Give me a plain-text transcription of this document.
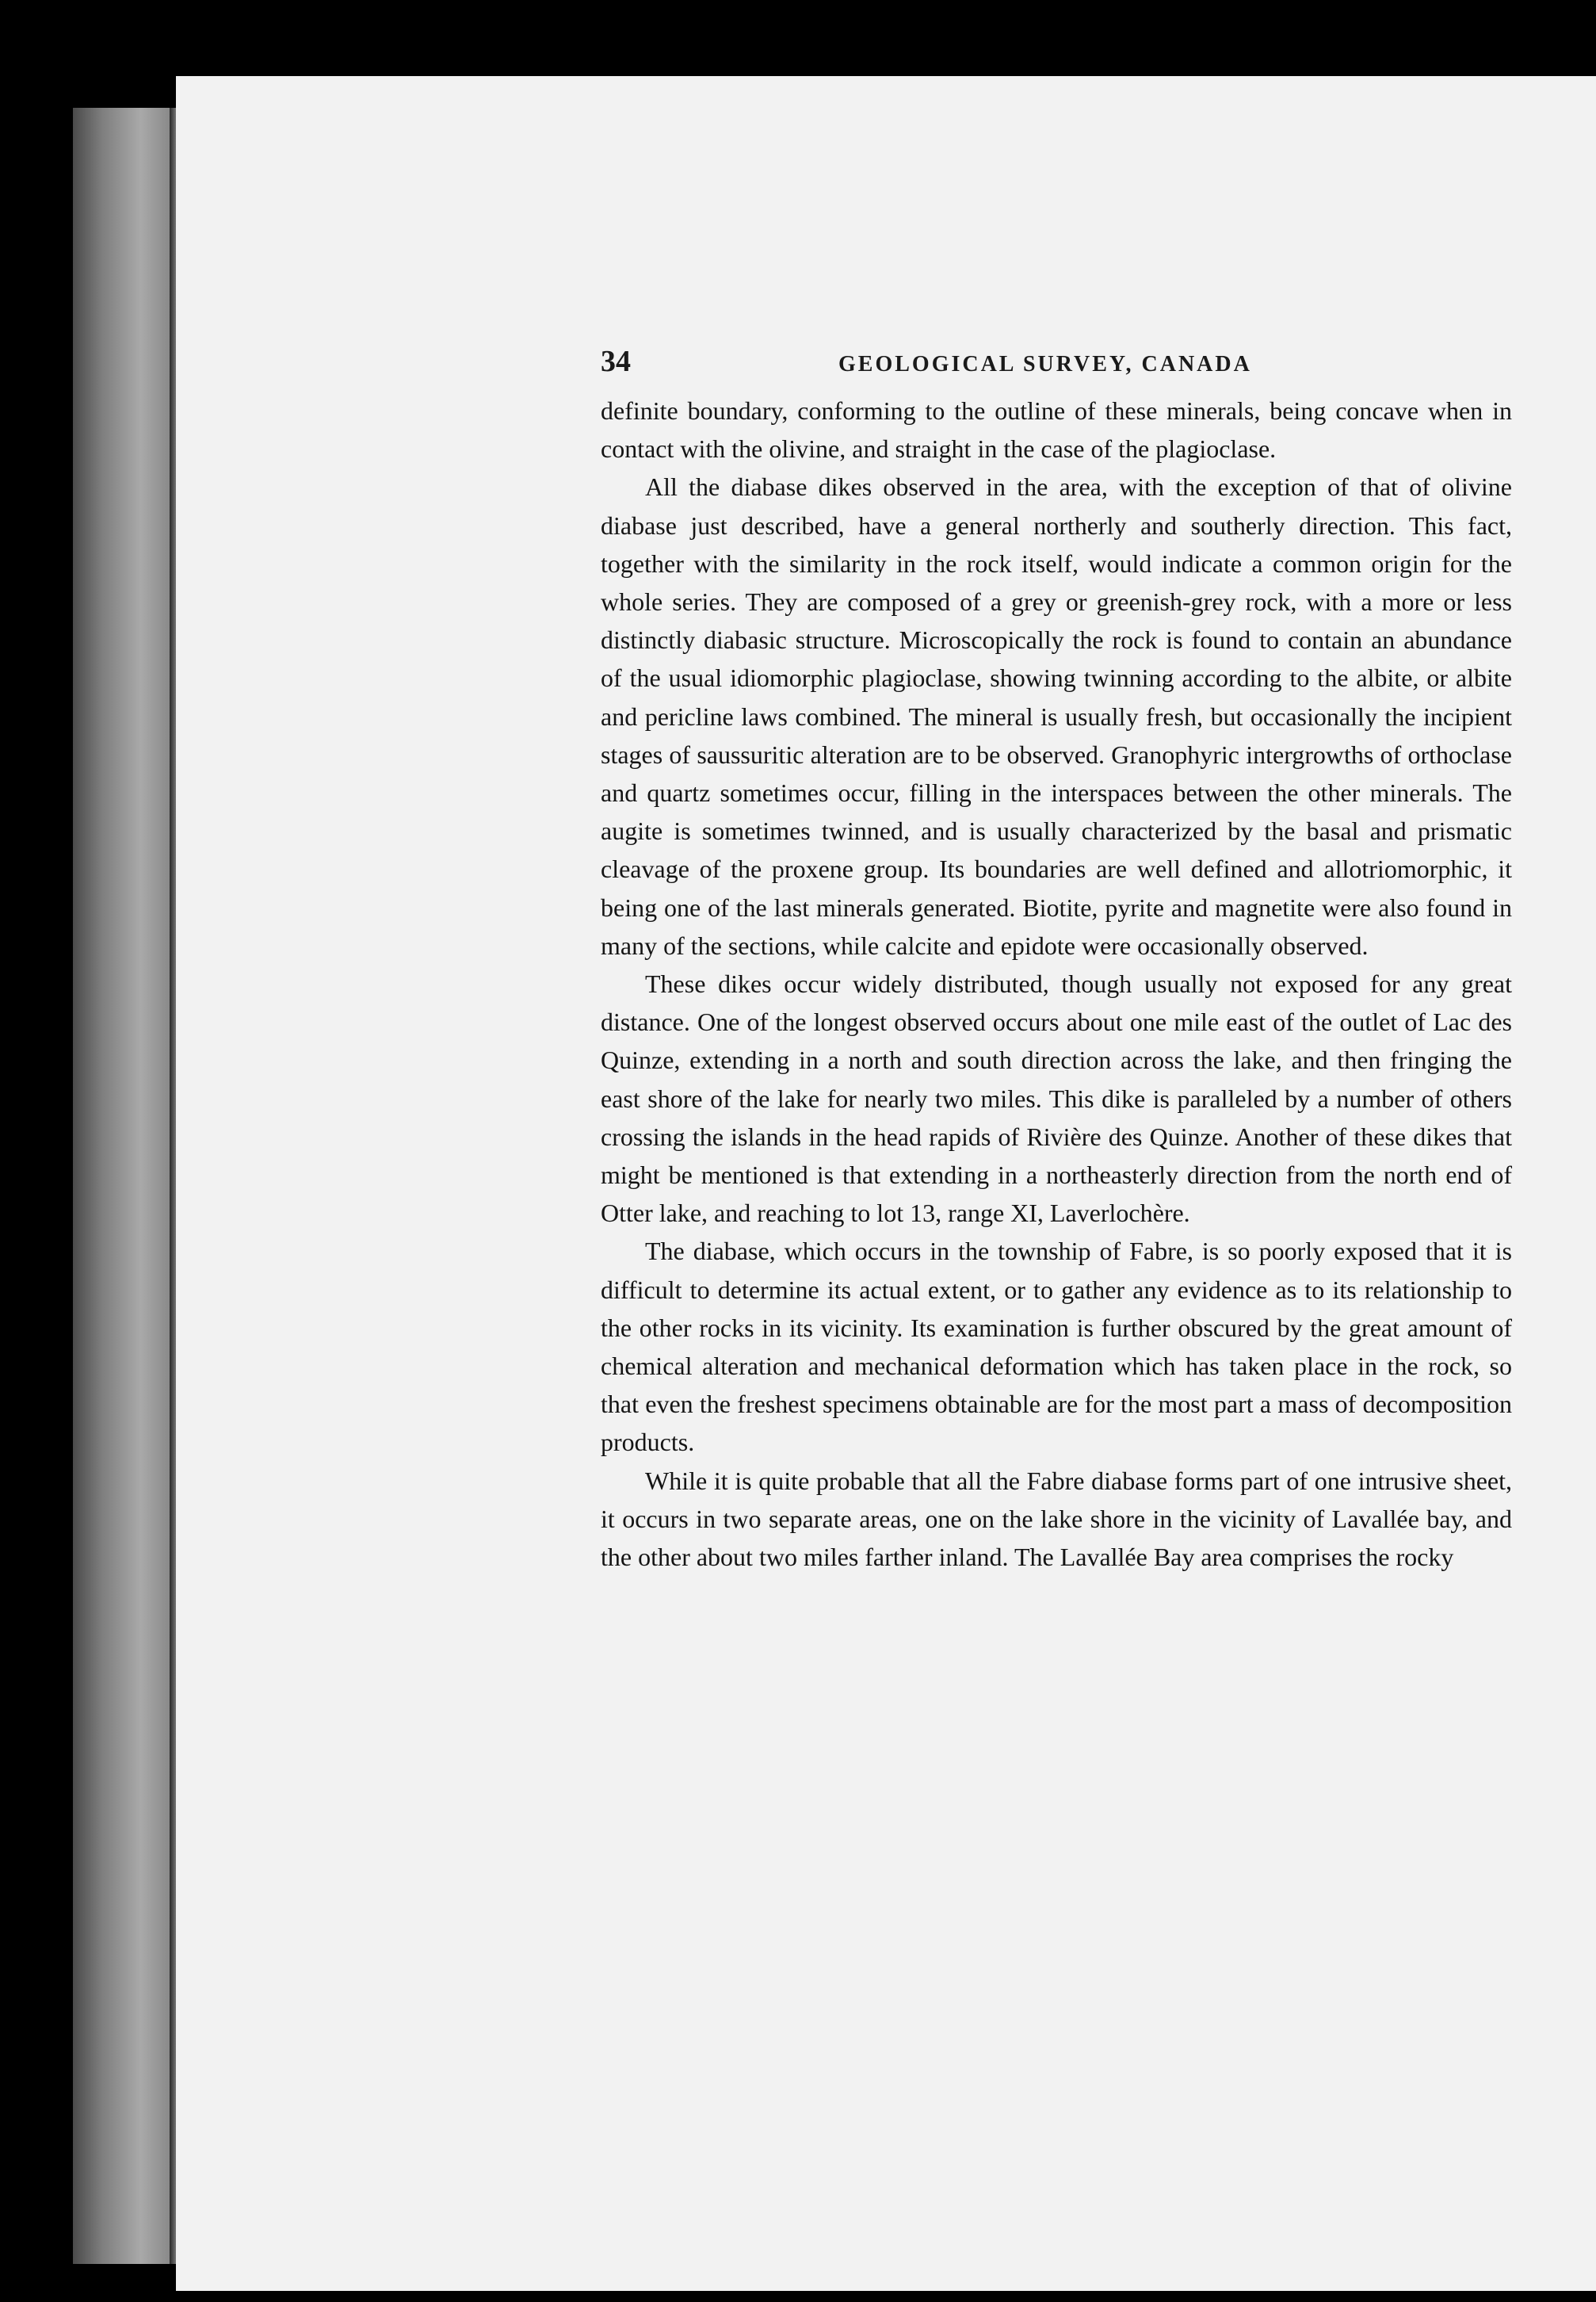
34	GEOLOGICAL SURVEY, CANADA

definite boundary, conforming to the outline of these minerals, being concave when in contact with the olivine, and straight in the case of the plagioclase.

All the diabase dikes observed in the area, with the exception of that of olivine diabase just described, have a general northerly and southerly direction. This fact, together with the similarity in the rock itself, would indicate a common origin for the whole series. They are composed of a grey or greenish-grey rock, with a more or less distinctly diabasic structure. Microscopically the rock is found to contain an abundance of the usual idiomorphic plagioclase, showing twinning according to the albite, or albite and pericline laws combined. The mineral is usually fresh, but occasionally the incipient stages of saussuritic alteration are to be observed. Granophyric intergrowths of orthoclase and quartz sometimes occur, filling in the interspaces between the other minerals. The augite is sometimes twinned, and is usually characterized by the basal and prismatic cleavage of the proxene group. Its boundaries are well defined and allotriomorphic, it being one of the last minerals generated. Biotite, pyrite and magnetite were also found in many of the sections, while calcite and epidote were occasionally observed.

These dikes occur widely distributed, though usually not exposed for any great distance. One of the longest observed occurs about one mile east of the outlet of Lac des Quinze, extending in a north and south direction across the lake, and then fringing the east shore of the lake for nearly two miles. This dike is paralleled by a number of others crossing the islands in the head rapids of Rivière des Quinze. Another of these dikes that might be mentioned is that extending in a northeasterly direction from the north end of Otter lake, and reaching to lot 13, range XI, Laverlochère.

The diabase, which occurs in the township of Fabre, is so poorly exposed that it is difficult to determine its actual extent, or to gather any evidence as to its relationship to the other rocks in its vicinity. Its examination is further obscured by the great amount of chemical alteration and mechanical deformation which has taken place in the rock, so that even the freshest specimens obtainable are for the most part a mass of decomposition products.

While it is quite probable that all the Fabre diabase forms part of one intrusive sheet, it occurs in two separate areas, one on the lake shore in the vicinity of Lavallée bay, and the other about two miles farther inland. The Lavallée Bay area comprises the rocky
